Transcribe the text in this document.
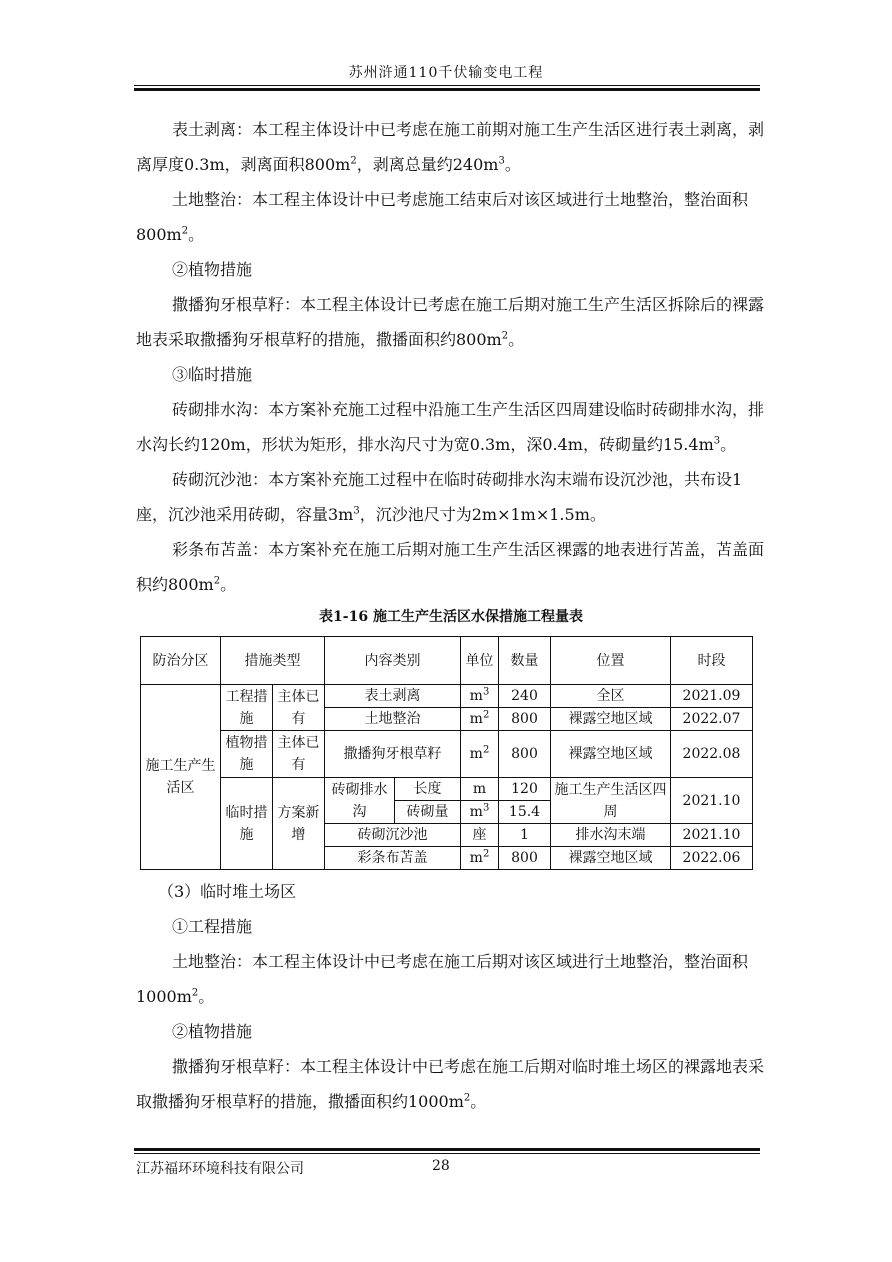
苏州浒通110千伏输变电工程

表土剥离：本工程主体设计中已考虑在施工前期对施工生产生活区进行表土剥离，剥离厚度0.3m，剥离面积$800m^2$，剥离总量约$240m^3$。

土地整治：本工程主体设计中已考虑施工结束后对该区域进行土地整治，整治面积$800m^2$。

②植物措施

撒播狗牙根草籽：本工程主体设计已考虑在施工后期对施工生产生活区拆除后的裸露地表采取撒播狗牙根草籽的措施，撒播面积约$800m^2$。

③临时措施

砖砌排水沟：本方案补充施工过程中沿施工生产生活区四周建设临时砖砌排水沟，排水沟长约120m，形状为矩形，排水沟尺寸为宽0.3m，深0.4m，砖砌量约$15.4m^3$。

砖砌沉沙池：本方案补充施工过程中在临时砖砌排水沟末端布设沉沙池，共布设1座，沉沙池采用砖砌，容量$3m^3$，沉沙池尺寸为2m×1m×1.5m。

彩条布苫盖：本方案补充在施工后期对施工生产生活区裸露的地表进行苫盖，苫盖面积约$800m^2$。

表1-16 施工生产生活区水保措施工程量表
防治分区	措施类型		内容类别		单位	数量	位置	时段
施工生产生活区	工程措施	主体已有	表土剥离		$m^3$	240	全区	2021.09
			土地整治		$m^2$	800	裸露空地区域	2022.07
	植物措施	主体已有	撒播狗牙根草籽		$m^2$	800	裸露空地区域	2022.08
	临时措施	方案新增	砖砌排水沟	长度	m	120	施工生产生活区四周	2021.10
				砖砌量	$m^3$	15.4		
			砖砌沉沙池		座	1	排水沟末端	2021.10
			彩条布苫盖		$m^2$	800	裸露空地区域	2022.06

（3）临时堆土场区

①工程措施

土地整治：本工程主体设计中已考虑在施工后期对该区域进行土地整治，整治面积$1000m^2$。

②植物措施

撒播狗牙根草籽：本工程主体设计中已考虑在施工后期对临时堆土场区的裸露地表采取撒播狗牙根草籽的措施，撒播面积约$1000m^2$。

江苏福环环境科技有限公司	28
